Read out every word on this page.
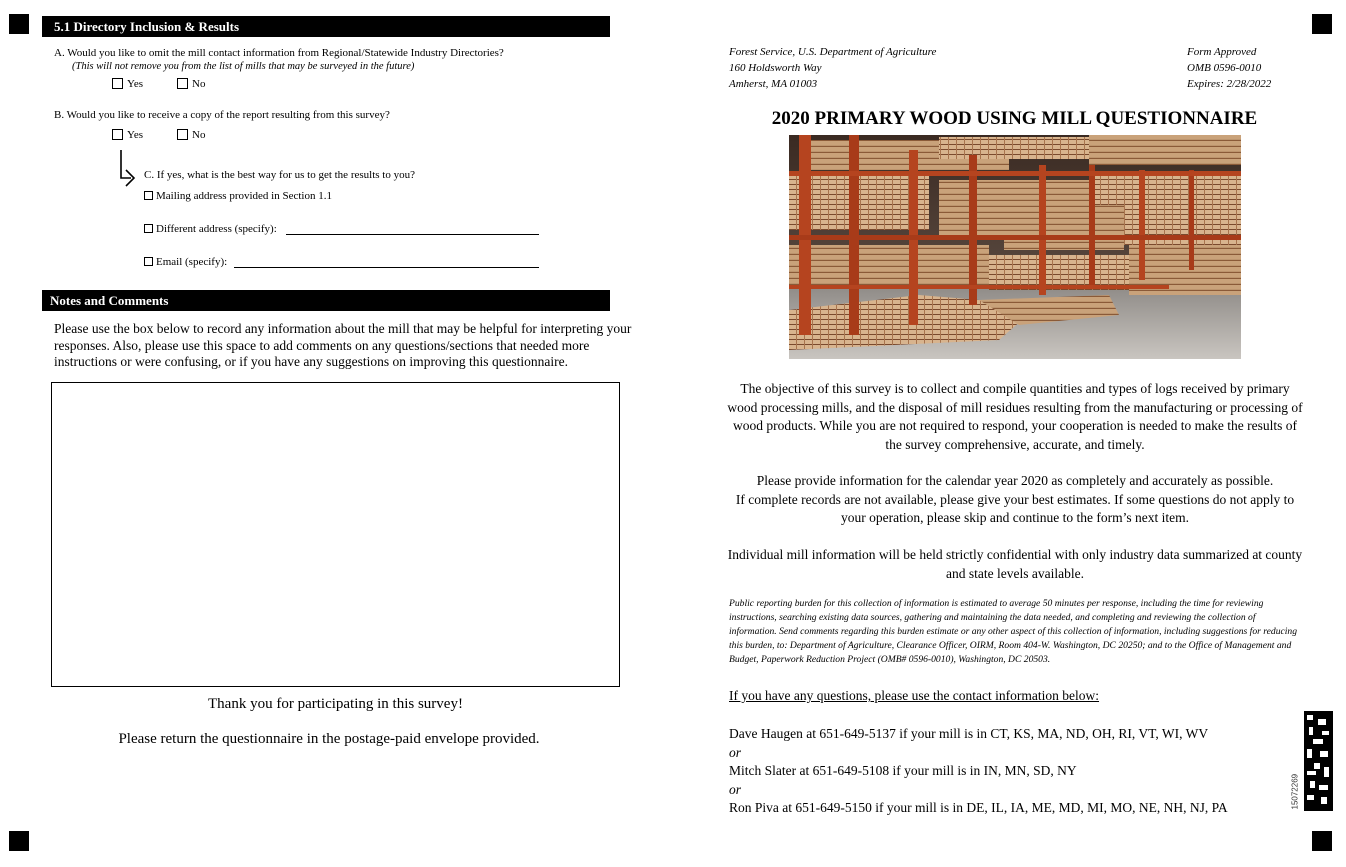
5.1 Directory Inclusion & Results
A. Would you like to omit the mill contact information from Regional/Statewide Industry Directories?
(This will not remove you from the list of mills that may be surveyed in the future)
Yes	No
B. Would you like to receive a copy of the report resulting from this survey?
Yes	No
C. If yes, what is the best way for us to get the results to you?
Mailing address provided in Section 1.1
Different address (specify):
Email (specify):
Notes and Comments
Please use the box below to record any information about the mill that may be helpful for interpreting your responses. Also, please use this space to add comments on any questions/sections that needed more instructions or were confusing, or if you have any suggestions on improving this questionnaire.
Thank you for participating in this survey!
Please return the questionnaire in the postage-paid envelope provided.
Forest Service, U.S. Department of Agriculture
160 Holdsworth Way
Amherst, MA 01003
Form Approved
OMB 0596-0010
Expires: 2/28/2022
2020 PRIMARY WOOD USING MILL QUESTIONNAIRE
The objective of this survey is to collect and compile quantities and types of logs received by primary wood processing mills, and the disposal of mill residues resulting from the manufacturing or processing of wood products. While you are not required to respond, your cooperation is needed to make the results of the survey comprehensive, accurate, and timely.
Please provide information for the calendar year 2020 as completely and accurately as possible.
If complete records are not available, please give your best estimates. If some questions do not apply to your operation, please skip and continue to the form’s next item.
Individual mill information will be held strictly confidential with only industry data summarized at county and state levels available.
Public reporting burden for this collection of information is estimated to average 50 minutes per response, including the time for reviewing instructions, searching existing data sources, gathering and maintaining the data needed, and completing and reviewing the collection of information. Send comments regarding this burden estimate or any other aspect of this collection of information, including suggestions for reducing this burden, to: Department of Agriculture, Clearance Officer, OIRM, Room 404-W. Washington, DC 20250; and to the Office of Management and Budget, Paperwork Reduction Project (OMB# 0596-0010), Washington, DC 20503.
If you have any questions, please use the contact information below:
Dave Haugen at 651-649-5137 if your mill is in CT, KS, MA, ND, OH, RI, VT, WI, WV
or
Mitch Slater at 651-649-5108 if your mill is in IN, MN, SD, NY
or
Ron Piva at 651-649-5150 if your mill is in DE, IL, IA, ME, MD, MI, MO, NE, NH, NJ, PA	15072269
